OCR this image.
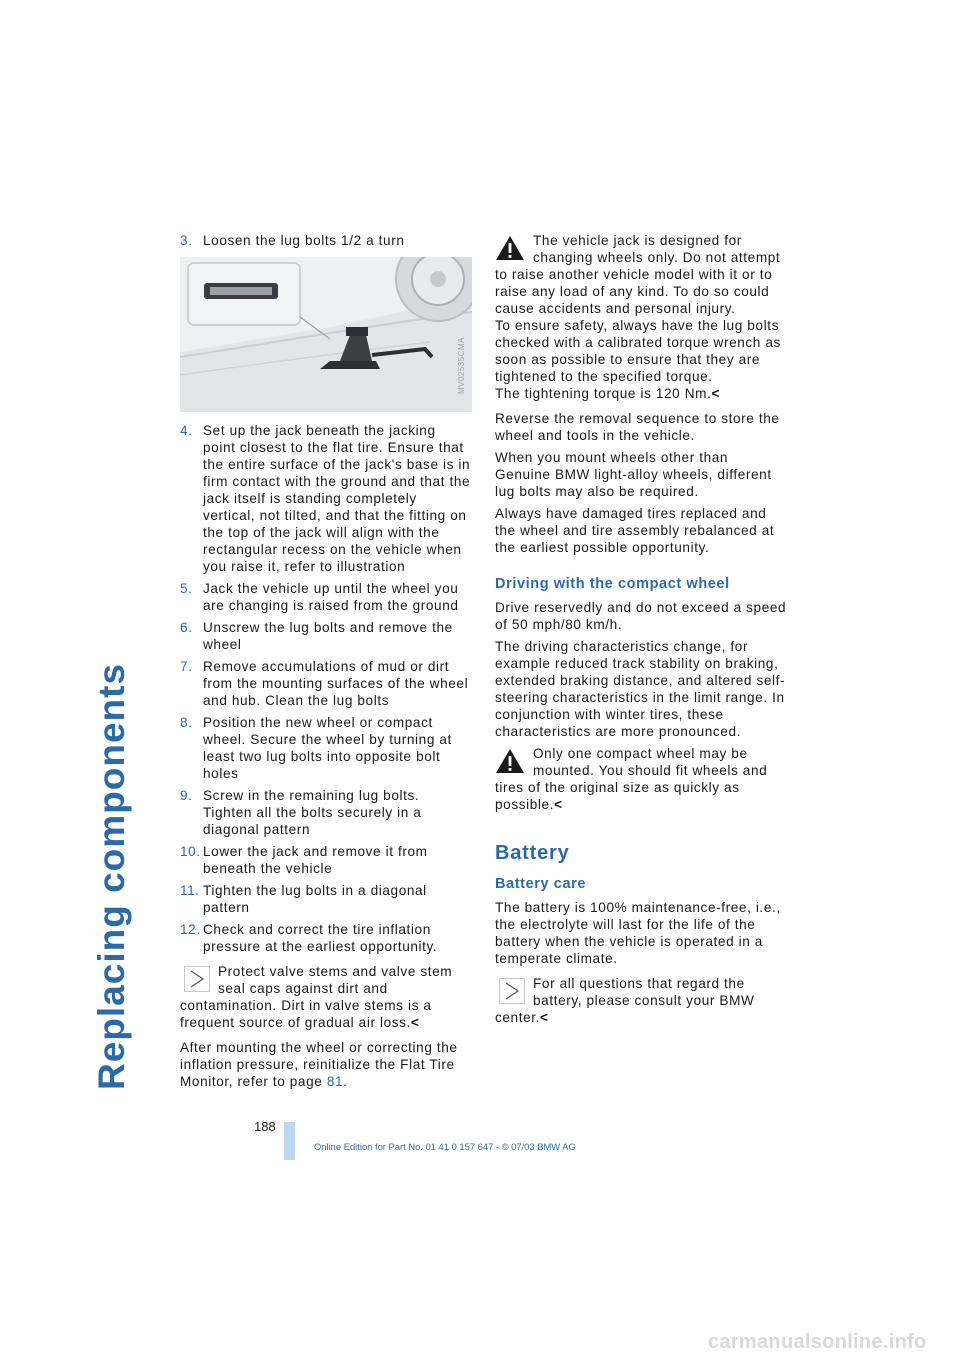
Replacing components
3. Loosen the lug bolts 1/2 a turn
MV02535CMA
4. Set up the jack beneath the jacking point closest to the flat tire. Ensure that the entire surface of the jack's base is in firm contact with the ground and that the jack itself is standing completely vertical, not tilted, and that the fitting on the top of the jack will align with the rectangular recess on the vehicle when you raise it, refer to illustration
5. Jack the vehicle up until the wheel you are changing is raised from the ground
6. Unscrew the lug bolts and remove the wheel
7. Remove accumulations of mud or dirt from the mounting surfaces of the wheel and hub. Clean the lug bolts
8. Position the new wheel or compact wheel. Secure the wheel by turning at least two lug bolts into opposite bolt holes
9. Screw in the remaining lug bolts. Tighten all the bolts securely in a diagonal pattern
10. Lower the jack and remove it from beneath the vehicle
11. Tighten the lug bolts in a diagonal pattern
12. Check and correct the tire inflation pressure at the earliest opportunity.
Protect valve stems and valve stem seal caps against dirt and contamination. Dirt in valve stems is a frequent source of gradual air loss.<

After mounting the wheel or correcting the inflation pressure, reinitialize the Flat Tire Monitor, refer to page 81.

The vehicle jack is designed for changing wheels only. Do not attempt to raise another vehicle model with it or to raise any load of any kind. To do so could cause accidents and personal injury.
To ensure safety, always have the lug bolts checked with a calibrated torque wrench as soon as possible to ensure that they are tightened to the specified torque.
The tightening torque is 120 Nm.<

Reverse the removal sequence to store the wheel and tools in the vehicle.

When you mount wheels other than Genuine BMW light-alloy wheels, different lug bolts may also be required.

Always have damaged tires replaced and the wheel and tire assembly rebalanced at the earliest possible opportunity.

Driving with the compact wheel

Drive reservedly and do not exceed a speed of 50 mph/80 km/h.

The driving characteristics change, for example reduced track stability on braking, extended braking distance, and altered self-steering characteristics in the limit range. In conjunction with winter tires, these characteristics are more pronounced.

Only one compact wheel may be mounted. You should fit wheels and tires of the original size as quickly as possible.<
Battery
Battery care

The battery is 100% maintenance-free, i.e., the electrolyte will last for the life of the battery when the vehicle is operated in a temperate climate.

For all questions that regard the battery, please consult your BMW center.<
188
Online Edition for Part No. 01 41 0 157 647 - © 07/03 BMW AG
carmanualsonline.info
